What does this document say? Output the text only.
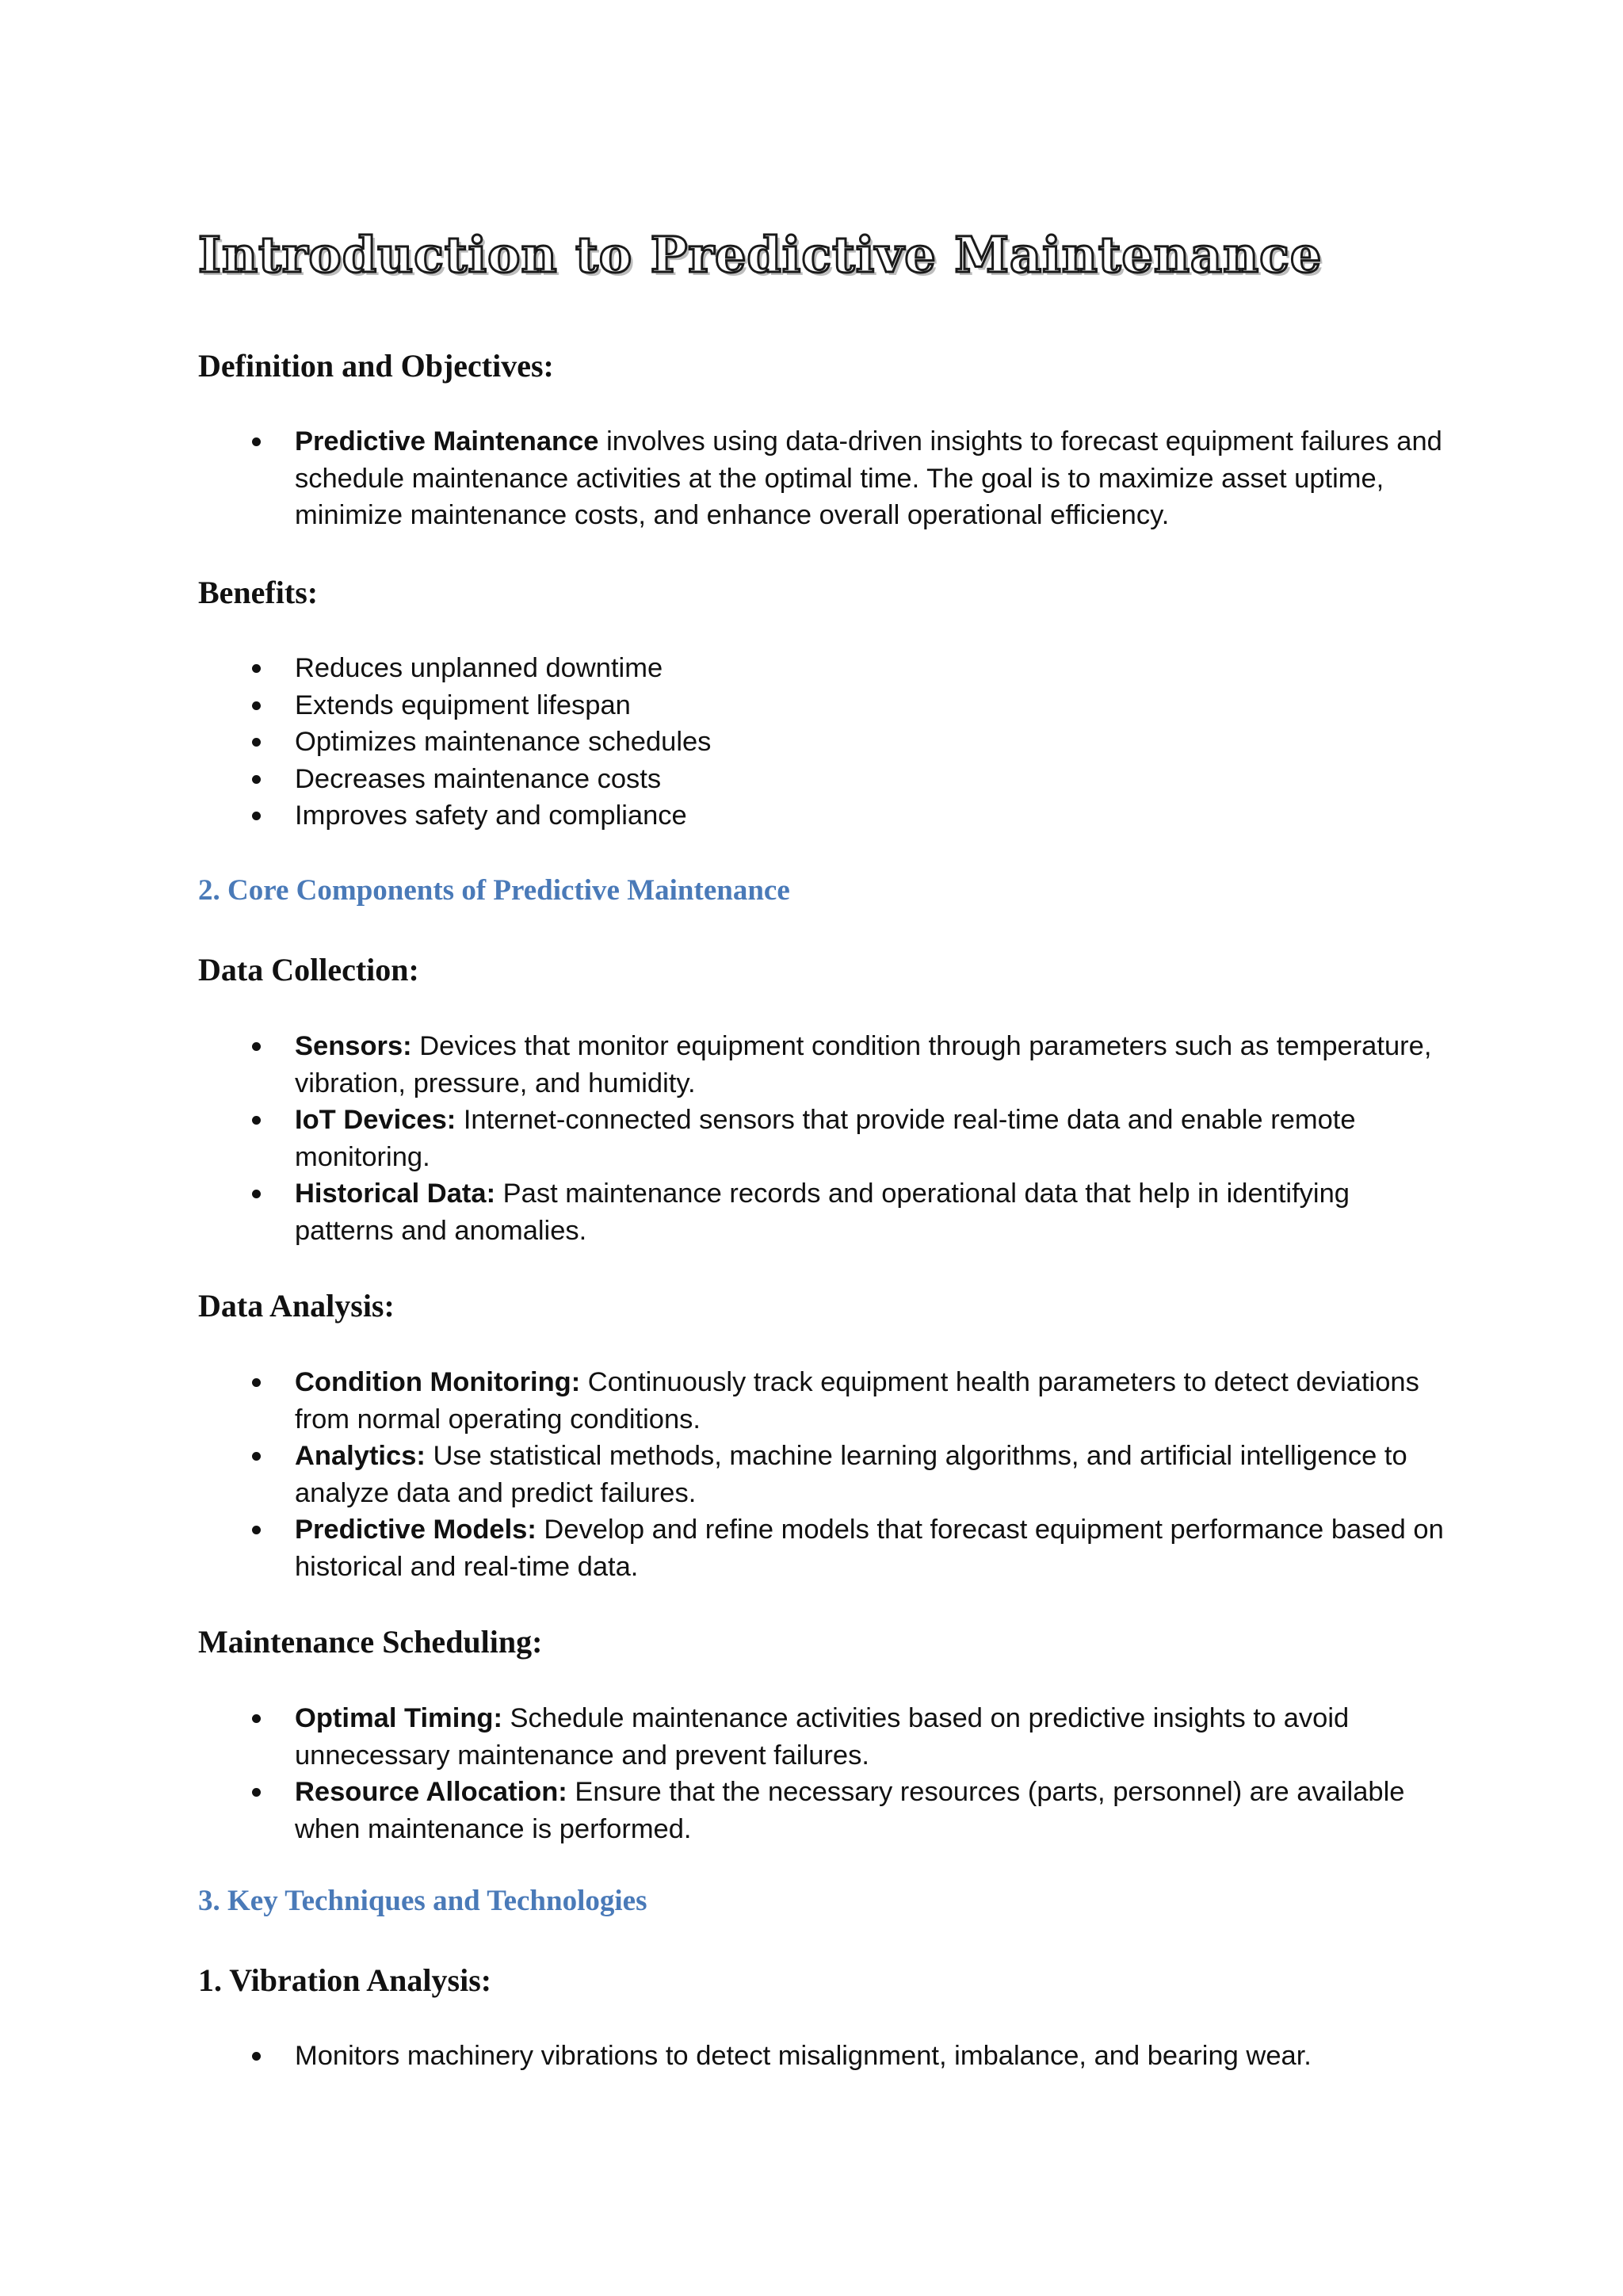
Introduction to Predictive Maintenance
Definition and Objectives:
Predictive Maintenance involves using data-driven insights to forecast equipment failures and schedule maintenance activities at the optimal time. The goal is to maximize asset uptime, minimize maintenance costs, and enhance overall operational efficiency.
Benefits:
Reduces unplanned downtime
Extends equipment lifespan
Optimizes maintenance schedules
Decreases maintenance costs
Improves safety and compliance
2. Core Components of Predictive Maintenance
Data Collection:
Sensors: Devices that monitor equipment condition through parameters such as temperature, vibration, pressure, and humidity.
IoT Devices: Internet-connected sensors that provide real-time data and enable remote monitoring.
Historical Data: Past maintenance records and operational data that help in identifying patterns and anomalies.
Data Analysis:
Condition Monitoring: Continuously track equipment health parameters to detect deviations from normal operating conditions.
Analytics: Use statistical methods, machine learning algorithms, and artificial intelligence to analyze data and predict failures.
Predictive Models: Develop and refine models that forecast equipment performance based on historical and real-time data.
Maintenance Scheduling:
Optimal Timing: Schedule maintenance activities based on predictive insights to avoid unnecessary maintenance and prevent failures.
Resource Allocation: Ensure that the necessary resources (parts, personnel) are available when maintenance is performed.
3. Key Techniques and Technologies
1. Vibration Analysis:
Monitors machinery vibrations to detect misalignment, imbalance, and bearing wear.
